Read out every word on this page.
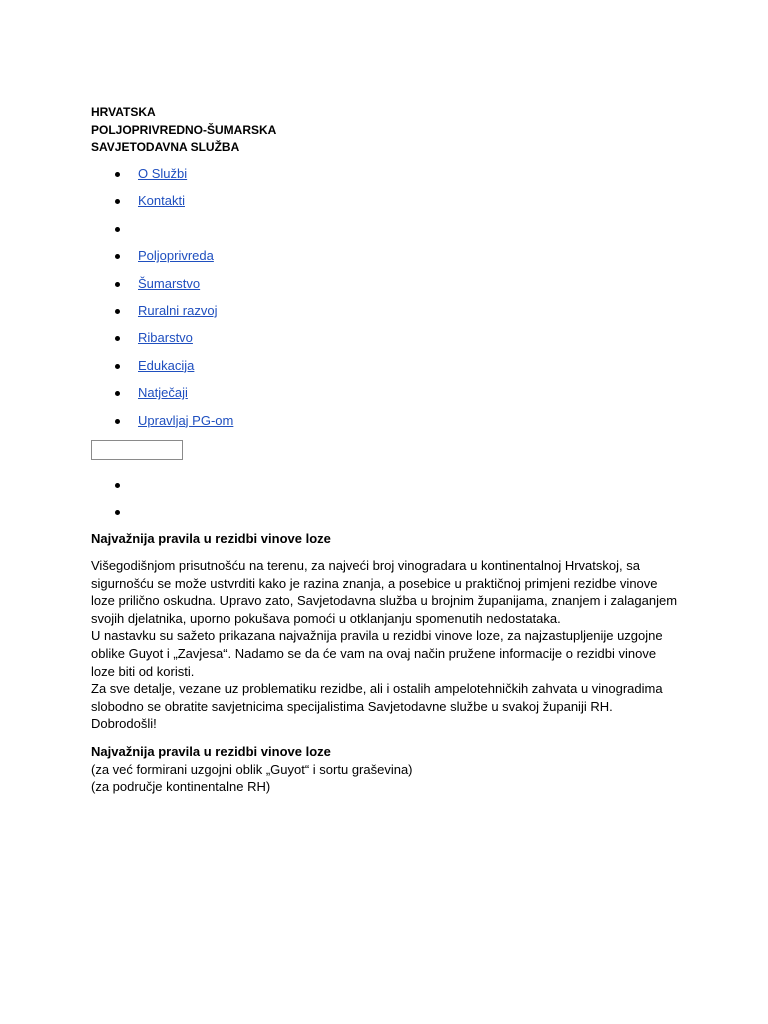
HRVATSKA
POLJOPRIVREDNO-ŠUMARSKA
SAVJETODAVNA SLUŽBA
O Službi
Kontakti
Poljoprivreda
Šumarstvo
Ruralni razvoj
Ribarstvo
Edukacija
Natječaji
Upravljaj PG-om
Najvažnija pravila u rezidbi vinove loze

Višegodišnjom prisutnošću na terenu, za najveći broj vinogradara u kontinentalnoj Hrvatskoj, sa sigurnošću se može ustvrditi kako je razina znanja, a posebice u praktičnoj primjeni rezidbe vinove loze prilično oskudna. Upravo zato, Savjetodavna služba u brojnim županijama, znanjem i zalaganjem svojih djelatnika, uporno pokušava pomoći u otklanjanju spomenutih nedostataka.

U nastavku su sažeto prikazana najvažnija pravila u rezidbi vinove loze, za najzastupljenije uzgojne oblike Guyot i „Zavjesa“. Nadamo se da će vam na ovaj način pružene informacije o rezidbi vinove loze biti od koristi.

Za sve detalje, vezane uz problematiku rezidbe, ali i ostalih ampelotehničkih zahvata u vinogradima slobodno se obratite savjetnicima specijalistima Savjetodavne službe u svakoj županiji RH.

Dobrodošli!

Najvažnija pravila u rezidbi vinove loze
(za već formirani uzgojni oblik „Guyot“ i sortu graševina)
(za područje kontinentalne RH)
